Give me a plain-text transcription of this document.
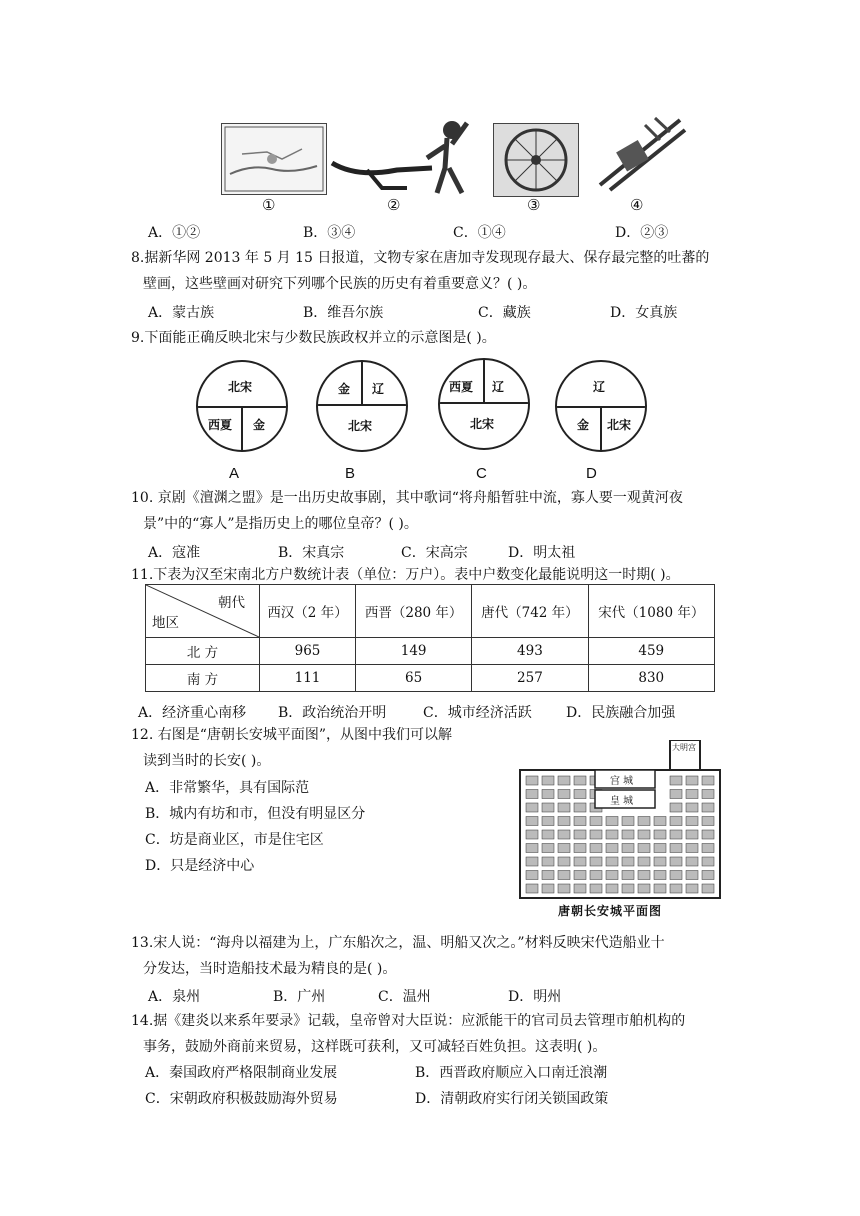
①	②	③	④
A．①②	B．③④	C．①④	D．②③
8.据新华网 2013 年 5 月 15 日报道，文物专家在唐加寺发现现存最大、保存最完整的吐蕃的
壁画，这些壁画对研究下列哪个民族的历史有着重要意义？( )。
A．蒙古族	B．维吾尔族	C．藏族	D．女真族
9.下面能正确反映北宋与少数民族政权并立的示意图是( )。
北宋
西夏 金
金 辽
北宋
西夏 辽
北宋
辽
金 北宋
A	B	C	D
10. 京剧《澶渊之盟》是一出历史故事剧，其中歌词“将舟船暂驻中流，寡人要一观黄河夜
景”中的“寡人”是指历史上的哪位皇帝？( )。
A．寇准	B．宋真宗	C．宋高宗	D．明太祖
11.下表为汉至宋南北方户数统计表（单位：万户）。表中户数变化最能说明这一时期( )。
朝代
地区	西汉（2 年）	西晋（280 年）	唐代（742 年）	宋代（1080 年）
北 方	965	149	493	459
南 方	111	65	257	830
A．经济重心南移 B．政治统治开明	C．城市经济活跃 D．民族融合加强
12. 右图是“唐朝长安城平面图”，从图中我们可以解
读到当时的长安( )。
A．非常繁华，具有国际范
B．城内有坊和市，但没有明显区分
C．坊是商业区，市是住宅区
D．只是经济中心
宫 城
皇 城
大明宫
唐朝长安城平面图
13.宋人说：“海舟以福建为上，广东船次之，温、明船又次之。”材料反映宋代造船业十
分发达，当时造船技术最为精良的是( )。
A．泉州	B．广州	C．温州	D．明州
14.据《建炎以来系年要录》记载，皇帝曾对大臣说：应派能干的官司员去管理市舶机构的
事务，鼓励外商前来贸易，这样既可获利，又可减轻百姓负担。这表明( )。
A．秦国政府严格限制商业发展	B．西晋政府顺应入口南迁浪潮
C．宋朝政府积极鼓励海外贸易	D．清朝政府实行闭关锁国政策
